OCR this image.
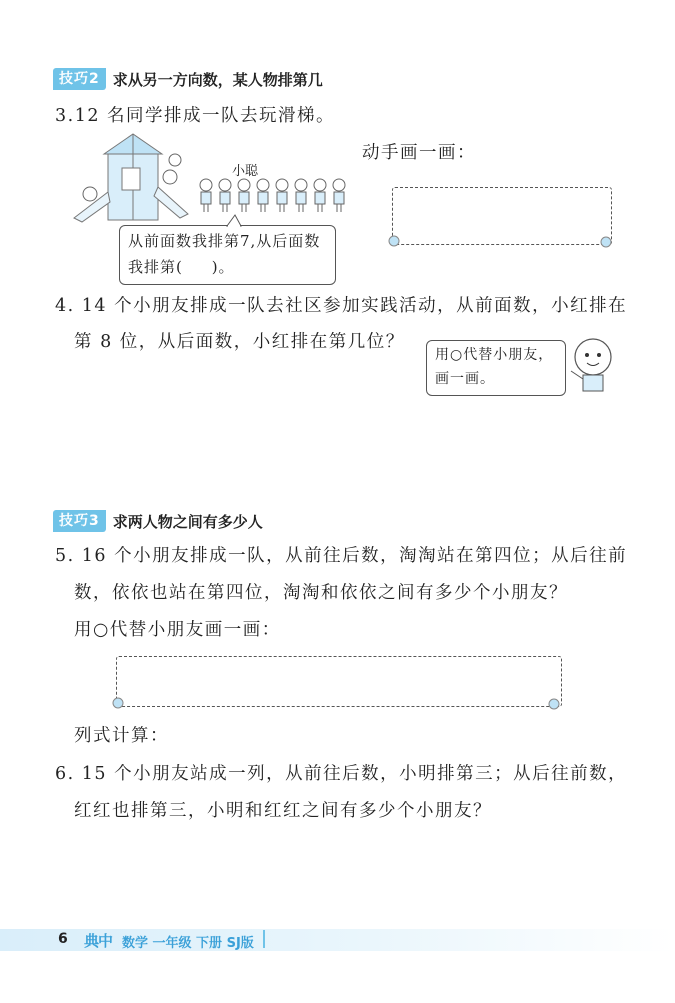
技巧2 求从另一方向数，某人物排第几
3.12 名同学排成一队去玩滑梯。
小聪
从前面数我排第7,从后面数
我排第(     )。
动手画一画：
4. 14 个小朋友排成一队去社区参加实践活动，从前面数，小红排在
第 8 位，从后面数，小红排在第几位？
用○代替小朋友，
画一画。
技巧3 求两人物之间有多少人
5. 16 个小朋友排成一队，从前往后数，淘淘站在第四位；从后往前
数，依依也站在第四位，淘淘和依依之间有多少个小朋友？
用○代替小朋友画一画：
列式计算：
6. 15 个小朋友站成一列，从前往后数，小明排第三；从后往前数，
红红也排第三，小明和红红之间有多少个小朋友？
6 典中 数学 一年级 下册 SJ版
